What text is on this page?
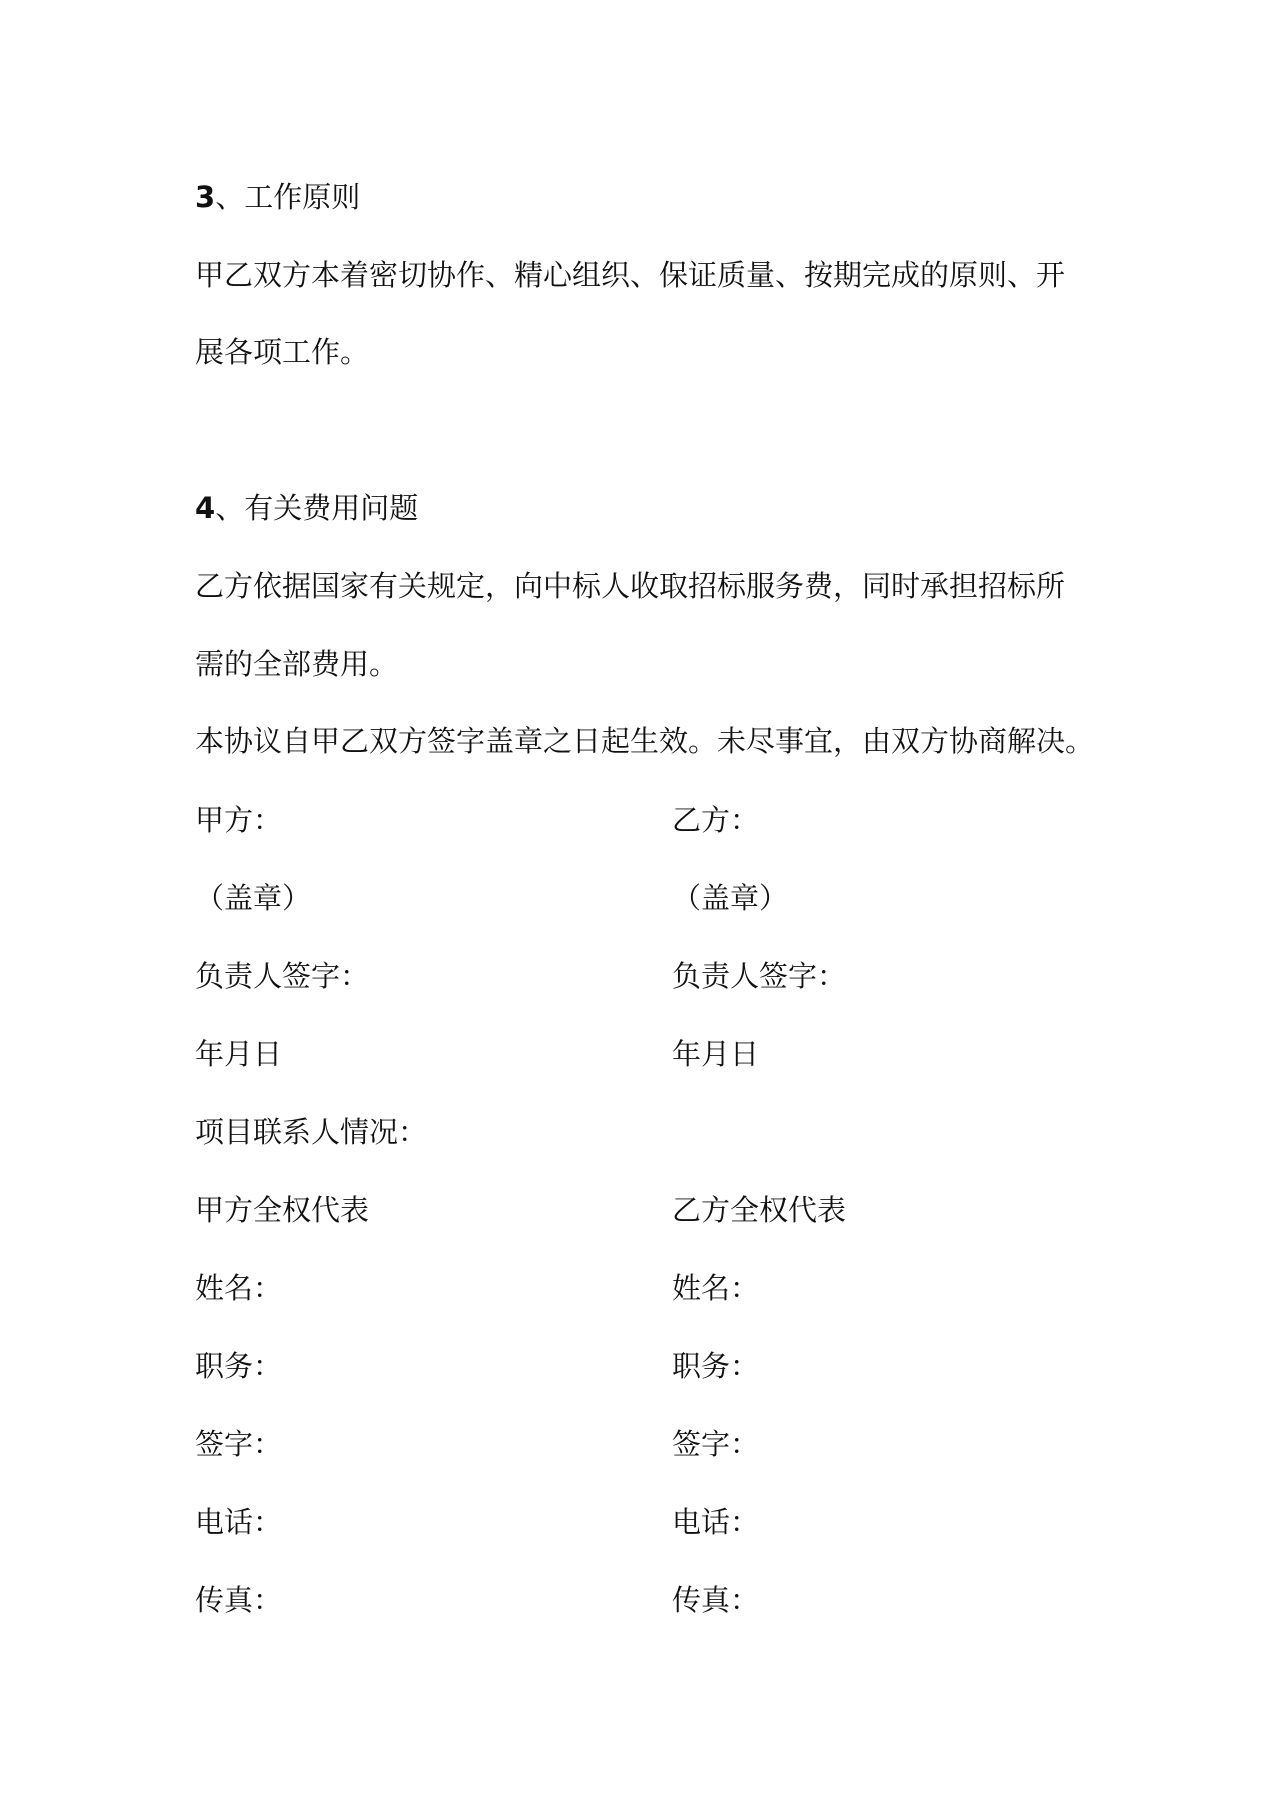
3、工作原则
甲乙双方本着密切协作、精心组织、保证质量、按期完成的原则、开
展各项工作。
4、有关费用问题
乙方依据国家有关规定，向中标人收取招标服务费，同时承担招标所
需的全部费用。
本协议自甲乙双方签字盖章之日起生效。未尽事宜，由双方协商解决。
甲方：	乙方：
（盖章）	（盖章）
负责人签字：	负责人签字：
年月日	年月日
项目联系人情况：
甲方全权代表	乙方全权代表
姓名：	姓名：
职务：	职务：
签字：	签字：
电话：	电话：
传真：	传真：
